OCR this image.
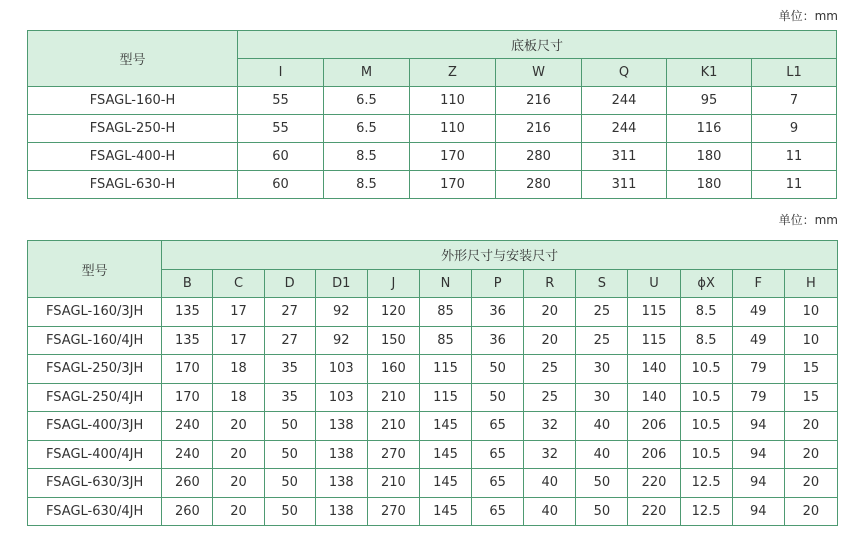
单位：mm
型号	底板尺寸						
	I	M	Z	W	Q	K1	L1
FSAGL-160-H	55	6.5	110	216	244	95	7
FSAGL-250-H	55	6.5	110	216	244	116	9
FSAGL-400-H	60	8.5	170	280	311	180	11
FSAGL-630-H	60	8.5	170	280	311	180	11
单位：mm
型号	外形尺寸与安装尺寸												
	B	C	D	D1	J	N	P	R	S	U	ϕX	F	H
FSAGL-160/3JH	135	17	27	92	120	85	36	20	25	115	8.5	49	10
FSAGL-160/4JH	135	17	27	92	150	85	36	20	25	115	8.5	49	10
FSAGL-250/3JH	170	18	35	103	160	115	50	25	30	140	10.5	79	15
FSAGL-250/4JH	170	18	35	103	210	115	50	25	30	140	10.5	79	15
FSAGL-400/3JH	240	20	50	138	210	145	65	32	40	206	10.5	94	20
FSAGL-400/4JH	240	20	50	138	270	145	65	32	40	206	10.5	94	20
FSAGL-630/3JH	260	20	50	138	210	145	65	40	50	220	12.5	94	20
FSAGL-630/4JH	260	20	50	138	270	145	65	40	50	220	12.5	94	20
